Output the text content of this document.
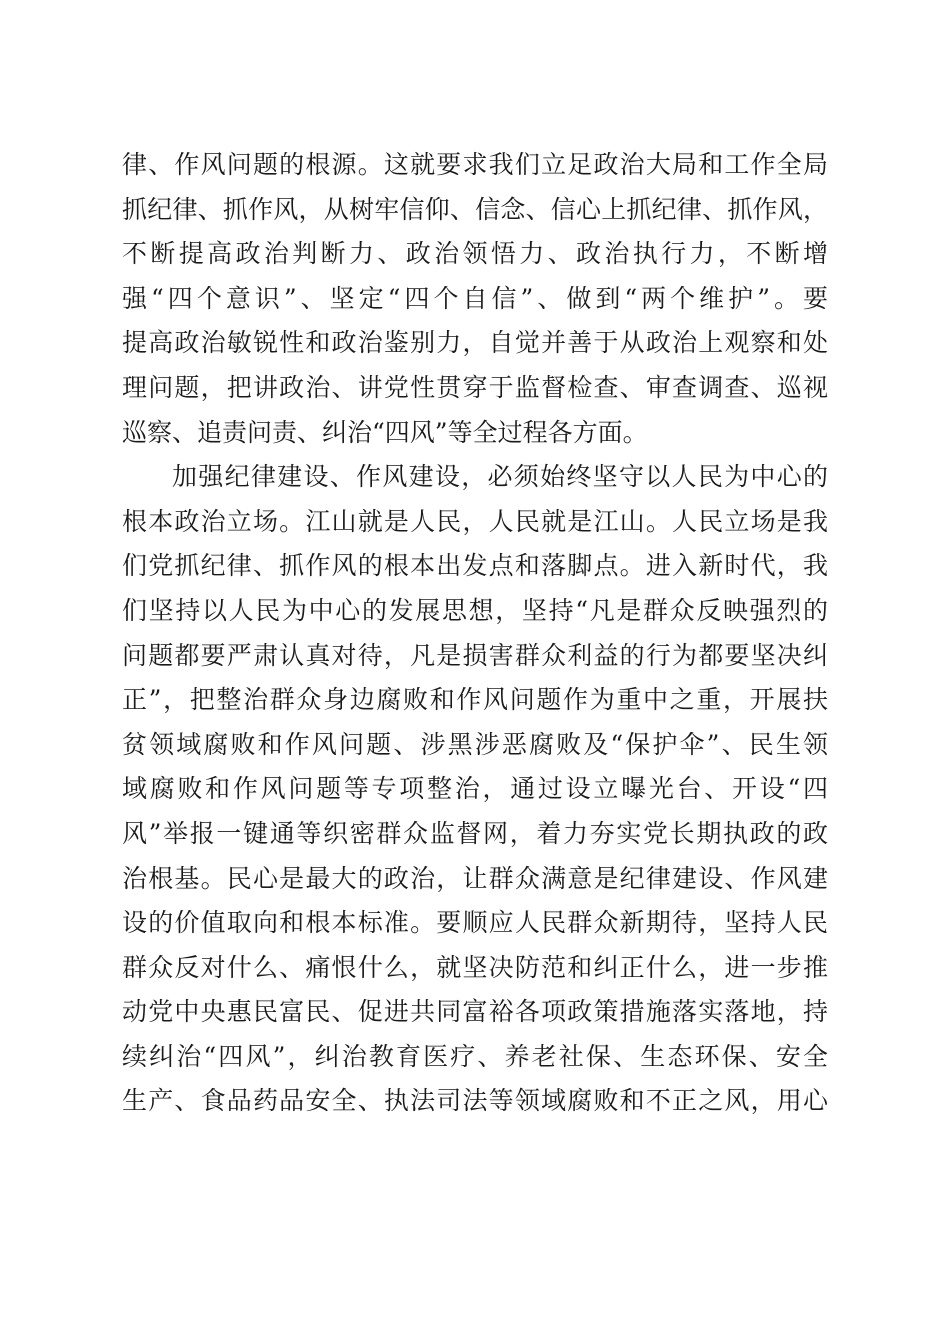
律、作风问题的根源。这就要求我们立足政治大局和工作全局
抓纪律、抓作风，从树牢信仰、信念、信心上抓纪律、抓作风，
不断提高政治判断力、政治领悟力、政治执行力，不断增
强“四个意识”、坚定“四个自信”、做到“两个维护”。要
提高政治敏锐性和政治鉴别力，自觉并善于从政治上观察和处
理问题，把讲政治、讲党性贯穿于监督检查、审查调查、巡视
巡察、追责问责、纠治“四风”等全过程各方面。
加强纪律建设、作风建设，必须始终坚守以人民为中心的
根本政治立场。江山就是人民，人民就是江山。人民立场是我
们党抓纪律、抓作风的根本出发点和落脚点。进入新时代，我
们坚持以人民为中心的发展思想，坚持“凡是群众反映强烈的
问题都要严肃认真对待，凡是损害群众利益的行为都要坚决纠
正”，把整治群众身边腐败和作风问题作为重中之重，开展扶
贫领域腐败和作风问题、涉黑涉恶腐败及“保护伞”、民生领
域腐败和作风问题等专项整治，通过设立曝光台、开设“四
风”举报一键通等织密群众监督网，着力夯实党长期执政的政
治根基。民心是最大的政治，让群众满意是纪律建设、作风建
设的价值取向和根本标准。要顺应人民群众新期待，坚持人民
群众反对什么、痛恨什么，就坚决防范和纠正什么，进一步推
动党中央惠民富民、促进共同富裕各项政策措施落实落地，持
续纠治“四风”，纠治教育医疗、养老社保、生态环保、安全
生产、食品药品安全、执法司法等领域腐败和不正之风，用心
